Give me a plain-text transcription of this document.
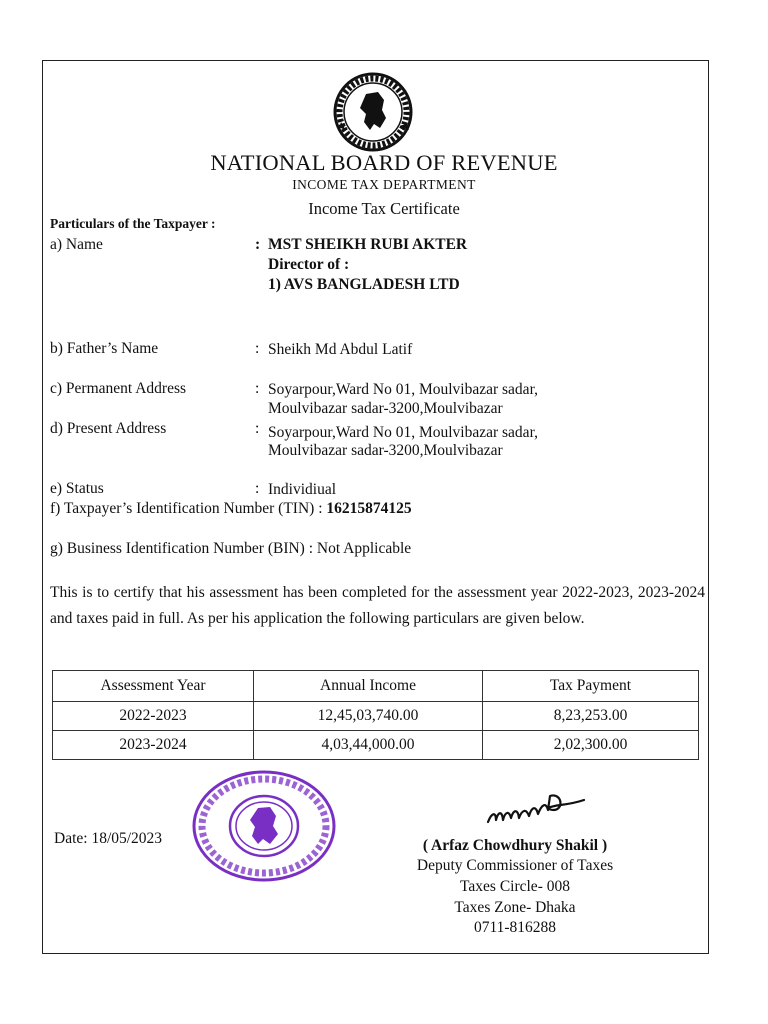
NATIONAL BOARD OF REVENUE
INCOME TAX DEPARTMENT
Income Tax Certificate
Particulars of the Taxpayer :
a) Name	: MST SHEIKH RUBI AKTER
Director of :
1) AVS BANGLADESH LTD
b) Father’s Name	: Sheikh Md Abdul Latif
c) Permanent Address	: Soyarpour,Ward No 01, Moulvibazar sadar,
Moulvibazar sadar-3200,Moulvibazar
d) Present Address	: Soyarpour,Ward No 01, Moulvibazar sadar,
Moulvibazar sadar-3200,Moulvibazar
e) Status	: Individiual
f) Taxpayer’s Identification Number (TIN) : 16215874125
g) Business Identification Number (BIN) : Not Applicable
This is to certify that his assessment has been completed for the assessment year 2022-2023, 2023-2024 and taxes paid in full. As per his application the following particulars are given below.
Assessment Year	Annual Income	Tax Payment
2022-2023	12,45,03,740.00	8,23,253.00
2023-2024	4,03,44,000.00	2,02,300.00
Date: 18/05/2023	( Arfaz Chowdhury Shakil )
Deputy Commissioner of Taxes
Taxes Circle- 008
Taxes Zone- Dhaka
0711-816288
